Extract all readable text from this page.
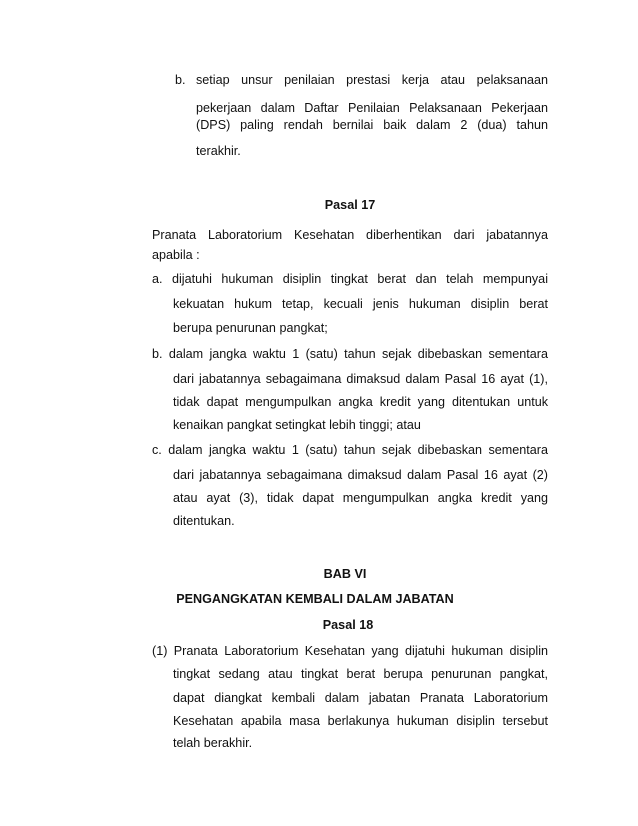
b. setiap unsur penilaian prestasi kerja atau pelaksanaan
pekerjaan dalam Daftar Penilaian Pelaksanaan Pekerjaan
(DPS) paling rendah bernilai baik dalam 2 (dua) tahun
terakhir.
Pasal 17
Pranata Laboratorium Kesehatan diberhentikan dari jabatannya
apabila :
a. dijatuhi hukuman disiplin tingkat berat dan telah mempunyai
kekuatan hukum tetap, kecuali jenis hukuman disiplin berat
berupa penurunan pangkat;
b. dalam jangka waktu 1 (satu) tahun sejak dibebaskan sementara
dari jabatannya sebagaimana dimaksud dalam Pasal 16 ayat (1),
tidak dapat mengumpulkan angka kredit yang ditentukan untuk
kenaikan pangkat setingkat lebih tinggi; atau
c. dalam jangka waktu 1 (satu) tahun sejak dibebaskan sementara
dari jabatannya sebagaimana dimaksud dalam Pasal 16 ayat (2)
atau ayat (3), tidak dapat mengumpulkan angka kredit yang
ditentukan.
BAB VI
PENGANGKATAN KEMBALI DALAM JABATAN
Pasal 18
(1) Pranata Laboratorium Kesehatan yang dijatuhi hukuman disiplin
tingkat sedang atau tingkat berat berupa penurunan pangkat,
dapat diangkat kembali dalam jabatan Pranata Laboratorium
Kesehatan apabila masa berlakunya hukuman disiplin tersebut
telah berakhir.
